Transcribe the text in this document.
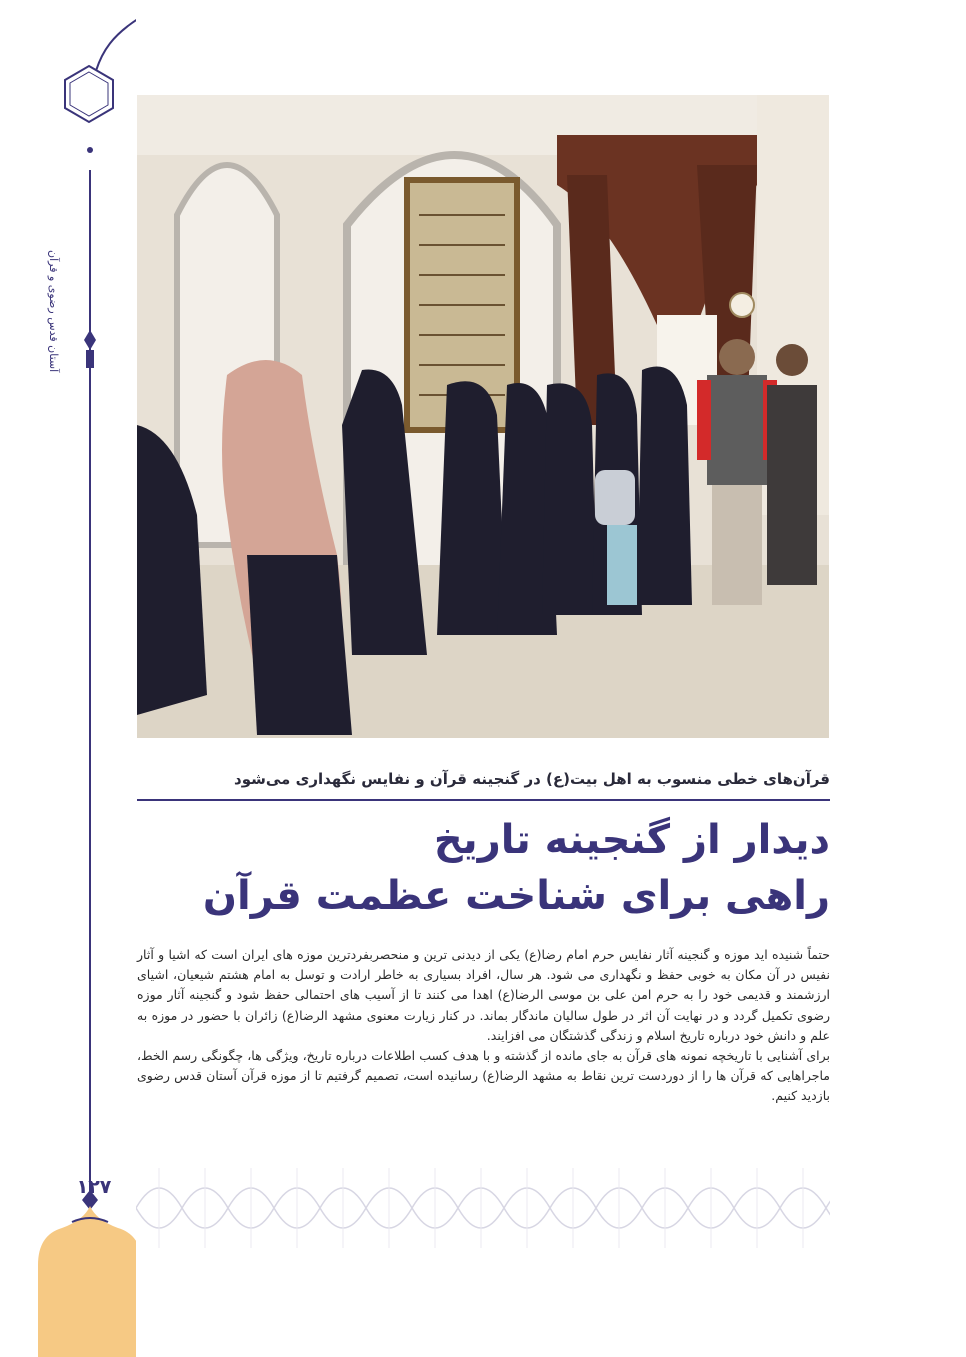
آستان قدس رضوی و قرآن
۱۲۷
قرآن‌های خطی منسوب به اهل بیت(ع) در گنجینه قرآن و نفایس نگهداری می‌شود
دیدار از گنجینه تاریخ
راهی برای شناخت عظمت قرآن

حتماً شنیده اید موزه و گنجینه آثار نفایس حرم امام رضا(ع) یکی از دیدنی ترین و منحصربفردترین موزه های ایران است که اشیا و آثار نفیس در آن مکان به خوبی حفظ و نگهداری می شود. هر سال، افراد بسیاری به خاطر ارادت و توسل به امام هشتم شیعیان، اشیای ارزشمند و قدیمی خود را به حرم امن علی بن موسی الرضا(ع) اهدا می کنند تا از آسیب های احتمالی حفظ شود و گنجینه آثار موزه رضوی تکمیل گردد و در نهایت آن اثر در طول سالیان ماندگار بماند. در کنار زیارت معنوی مشهد الرضا(ع) زائران با حضور در موزه به علم و دانش خود درباره تاریخ اسلام و زندگی گذشتگان می افزایند.

برای آشنایی با تاریخچه نمونه های قرآن به جای مانده از گذشته و با هدف کسب اطلاعات درباره تاریخ، ویژگی ها، چگونگی رسم الخط، ماجراهایی که قرآن ها را از دوردست ترین نقاط به مشهد الرضا(ع) رسانیده است، تصمیم گرفتیم تا از موزه قرآن آستان قدس رضوی بازدید کنیم.
